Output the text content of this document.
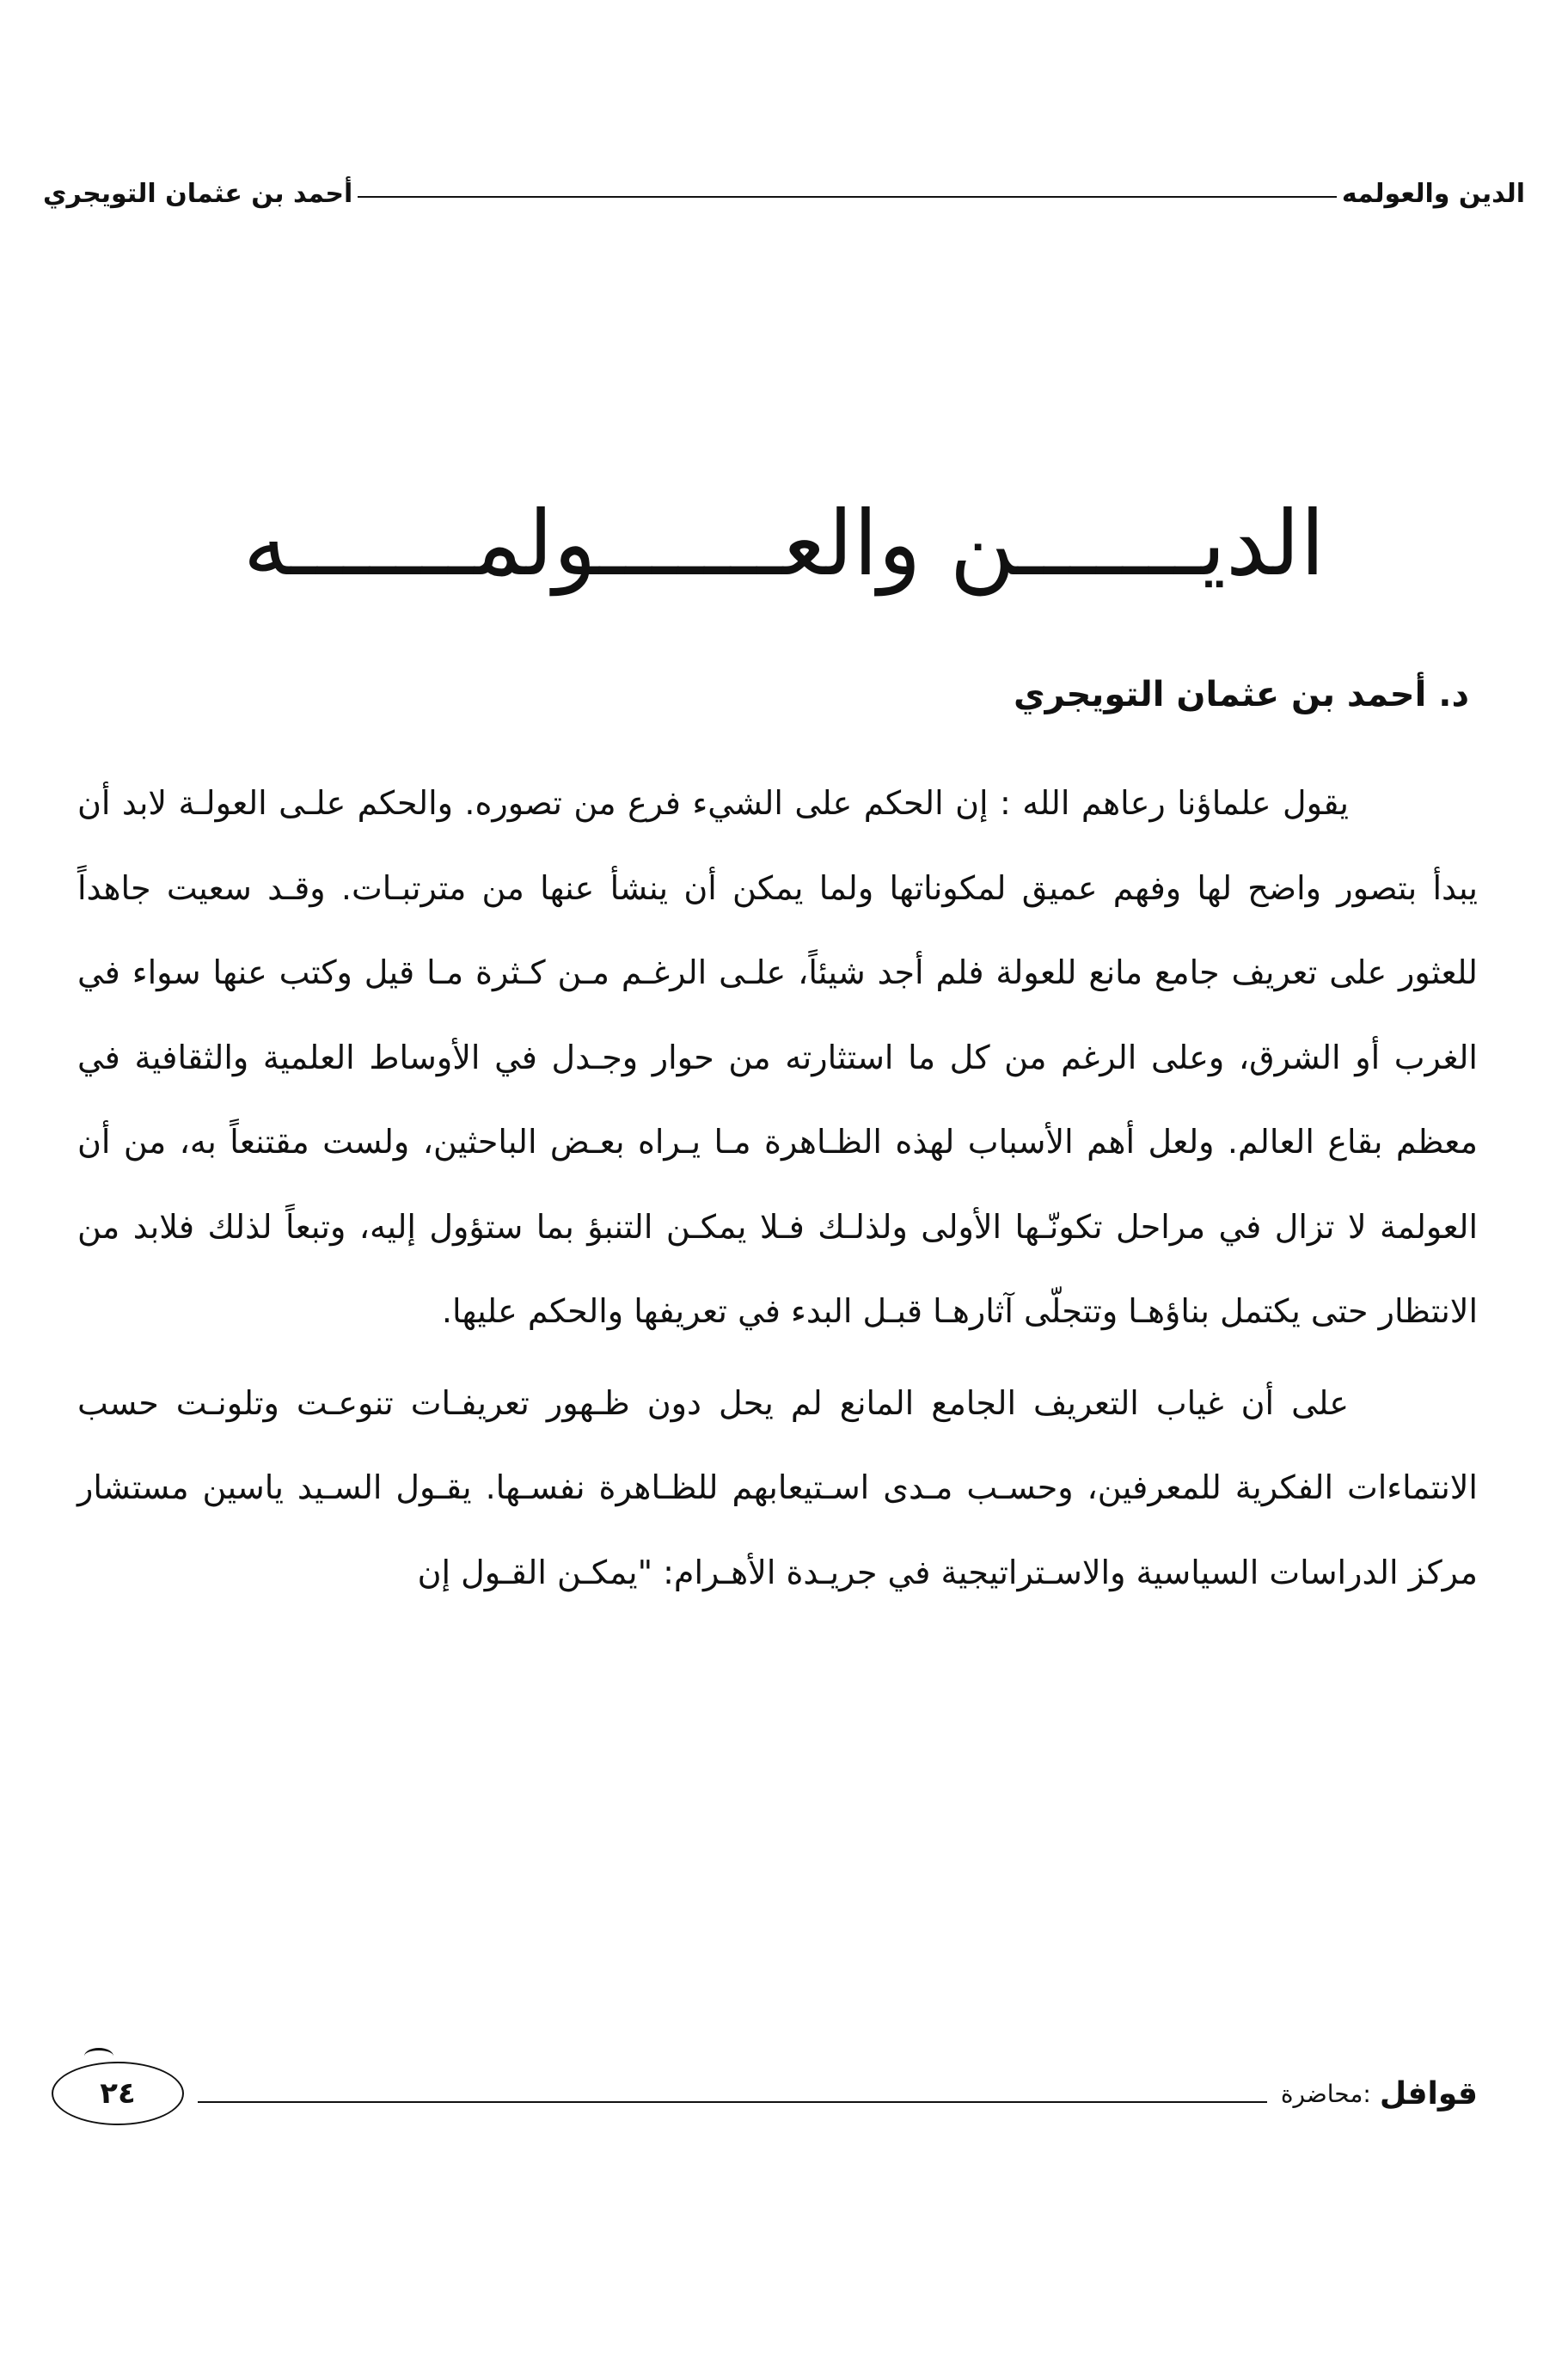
الدين والعولمه
أحمد بن عثمان التويجري
الديـــــــن والعـــــــولمـــــــه
د. أحمد بن عثمان التويجري

يقول علماؤنا رعاهم الله : إن الحكم على الشيء فرع من تصوره. والحكم علـى العولـة لابد أن يبدأ بتصور واضح لها وفهم عميق لمكوناتها ولما يمكن أن ينشأ عنها من مترتبـات. وقـد سعيت جاهداً للعثور على تعريف جامع مانع للعولة فلم أجد شيئاً، علـى الرغـم مـن كـثرة مـا قيل وكتب عنها سواء في الغرب أو الشرق، وعلى الرغم من كل ما استثارته من حوار وجـدل في الأوساط العلمية والثقافية في معظم بقاع العالم. ولعل أهم الأسباب لهذه الظـاهرة مـا يـراه بعـض الباحثين، ولست مقتنعاً به، من أن العولمة لا تزال في مراحل تكونّـها الأولى ولذلـك فـلا يمكـن التنبؤ بما ستؤول إليه، وتبعاً لذلك فلابد من الانتظار حتى يكتمل بناؤهـا وتتجلّى آثارهـا قبـل البدء في تعريفها والحكم عليها.

على أن غياب التعريف الجامع المانع لم يحل دون ظـهور تعريفـات تنوعـت وتلونـت حسب الانتماءات الفكرية للمعرفين، وحسـب مـدى اسـتيعابهم للظـاهرة نفسـها. يقـول السـيد ياسين مستشار مركز الدراسات السياسية والاسـتراتيجية في جريـدة الأهـرام: "يمكـن القـول إن

قوافل
:محاضرة
٢٤
